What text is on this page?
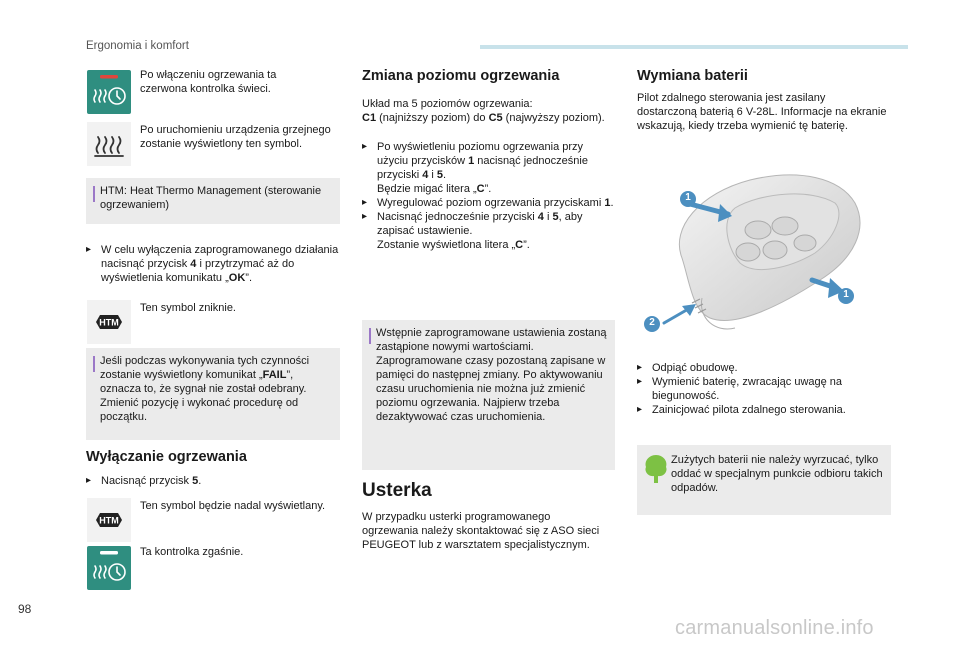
Ergonomia i komfort
Po włączeniu ogrzewania ta czerwona kontrolka świeci.
Po uruchomieniu urządzenia grzejnego zostanie wyświetlony ten symbol.
HTM: Heat Thermo Management (sterowanie ogrzewaniem)
▸ W celu wyłączenia zaprogramowanego działania nacisnąć przycisk 4 i przytrzymać aż do wyświetlenia komunikatu „OK”.
HTM
Ten symbol zniknie.
Jeśli podczas wykonywania tych czynności zostanie wyświetlony komunikat „FAIL”, oznacza to, że sygnał nie został odebrany. Zmienić pozycję i wykonać procedurę od początku.
Wyłączanie ogrzewania
▸ Nacisnąć przycisk 5.
HTM
Ten symbol będzie nadal wyświetlany.
Ta kontrolka zgaśnie.
Zmiana poziomu ogrzewania
Układ ma 5 poziomów ogrzewania:
C1 (najniższy poziom) do C5 (najwyższy poziom).
▸ Po wyświetleniu poziomu ogrzewania przy użyciu przycisków 1 nacisnąć jednocześnie przyciski 4 i 5.
Będzie migać litera „C”.
▸ Wyregulować poziom ogrzewania przyciskami 1.
▸ Nacisnąć jednocześnie przyciski 4 i 5, aby zapisać ustawienie.
Zostanie wyświetlona litera „C”.
Wstępnie zaprogramowane ustawienia zostaną zastąpione nowymi wartościami. Zaprogramowane czasy pozostaną zapisane w pamięci do następnej zmiany. Po aktywowaniu czasu uruchomienia nie można już zmienić poziomu ogrzewania. Najpierw trzeba dezaktywować czas uruchomienia.
Usterka
W przypadku usterki programowanego ogrzewania należy skontaktować się z ASO sieci PEUGEOT lub z warsztatem specjalistycznym.
Wymiana baterii
Pilot zdalnego sterowania jest zasilany dostarczoną baterią 6 V-28L. Informacje na ekranie wskazują, kiedy trzeba wymienić tę baterię.
1
1
2
▸ Odpiąć obudowę.
▸ Wymienić baterię, zwracając uwagę na biegunowość.
▸ Zainicjować pilota zdalnego sterowania.
Zużytych baterii nie należy wyrzucać, tylko oddać w specjalnym punkcie odbioru takich odpadów.
98
carmanualsonline.info
